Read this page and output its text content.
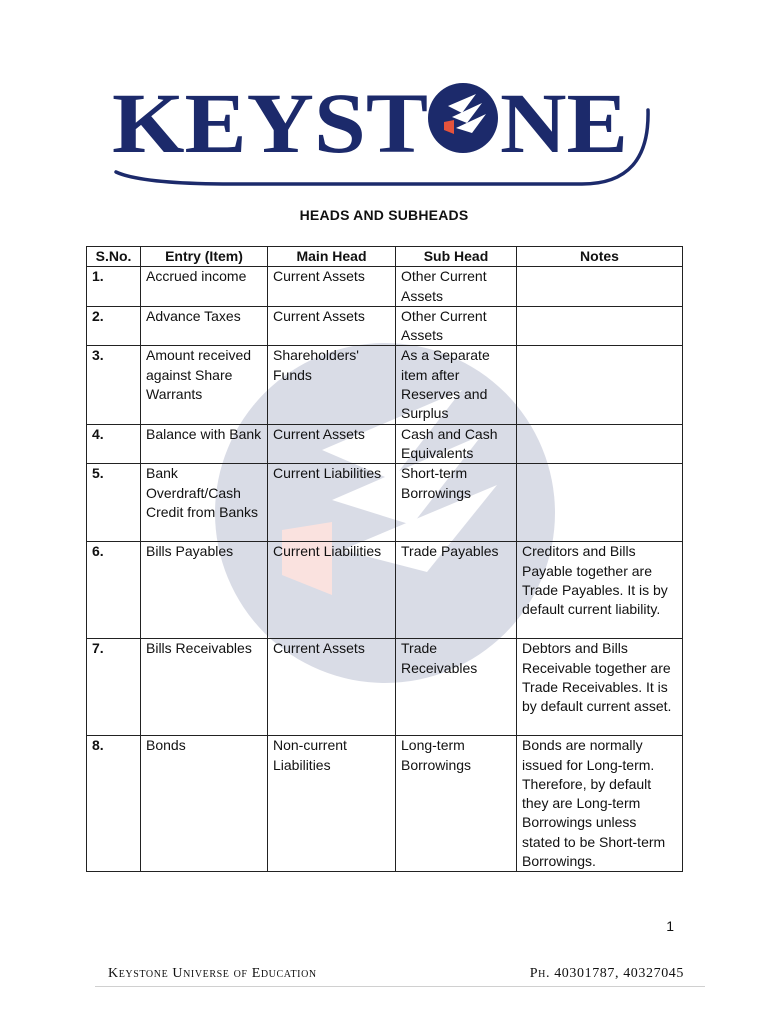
KEYST NE
HEADS AND SUBHEADS
S.No.	Entry (Item)	Main Head	Sub Head	Notes
1.	Accrued income	Current Assets	Other Current Assets	
2.	Advance Taxes	Current Assets	Other Current Assets	
3.	Amount received against Share Warrants	Shareholders' Funds	As a Separate item after Reserves and Surplus	
4.	Balance with Bank	Current Assets	Cash and Cash Equivalents	
5.	Bank Overdraft/Cash Credit from Banks	Current Liabilities	Short-term Borrowings	
6.	Bills Payables	Current Liabilities	Trade Payables	Creditors and Bills Payable together are Trade Payables. It is by default current liability.
7.	Bills Receivables	Current Assets	Trade Receivables	Debtors and Bills Receivable together are Trade Receivables. It is by default current asset.
8.	Bonds	Non-current Liabilities	Long-term Borrowings	Bonds are normally issued for Long-term. Therefore, by default they are Long-term Borrowings unless stated to be Short-term Borrowings.
1
Keystone Universe of Education	Ph. 40301787, 40327045
